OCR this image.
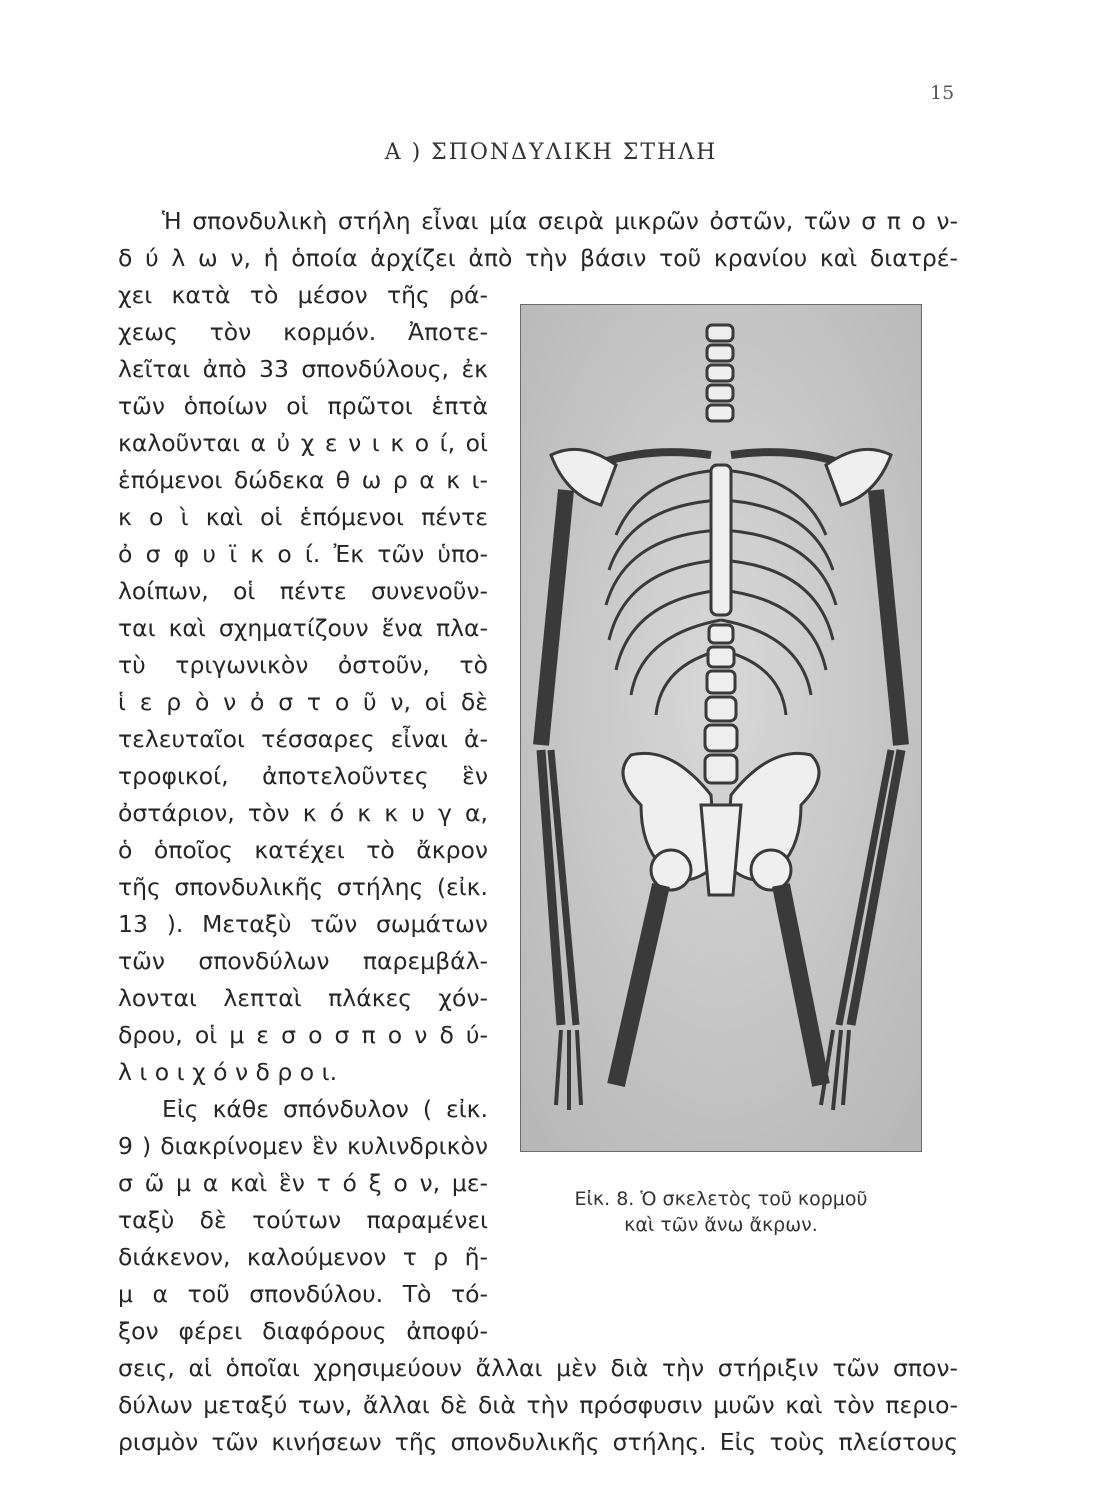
15
Α ) ΣΠΟΝΔΥΛΙΚΗ ΣΤΗΛΗ
Ἡ σπονδυλικὴ στήλη εἶναι μία σειρὰ μικρῶν ὀστῶν, τῶν σ π ο ν-
δ ύ λ ω ν, ἡ ὁποία ἀρχίζει ἀπὸ τὴν βάσιν τοῦ κρανίου καὶ διατρέ-
χει κατὰ τὸ μέσον τῆς ρά-
χεως τὸν κορμόν. Ἀποτε-
λεῖται ἀπὸ 33 σπονδύλους, ἐκ
τῶν ὁποίων οἱ πρῶτοι ἑπτὰ
καλοῦνται α ὐ χ ε ν ι κ ο ί, οἱ
ἑπόμενοι δώδεκα θ ω ρ α κ ι-
κ ο ὶ καὶ οἱ ἑπόμενοι πέντε
ὀ σ φ υ ϊ κ ο ί. Ἐκ τῶν ὑπο-
λοίπων, οἱ πέντε συνενοῦν-
ται καὶ σχηματίζουν ἕνα πλα-
τὺ τριγωνικὸν ὀστοῦν, τὸ
ἱ ε ρ ὸ ν ὀ σ τ ο ῦ ν, οἱ δὲ
τελευταῖοι τέσσαρες εἶναι ἀ-
τροφικοί, ἀποτελοῦντες ἓν
ὀστάριον, τὸν κ ό κ κ υ γ α,
ὁ ὁποῖος κατέχει τὸ ἄκρον
τῆς σπονδυλικῆς στήλης (εἰκ.
13 ). Μεταξὺ τῶν σωμάτων
τῶν σπονδύλων παρεμβάλ-
λονται λεπταὶ πλάκες χόν-
δρου, οἱ μ ε σ ο σ π ο ν δ ύ-
λ ι ο ι χ ό ν δ ρ ο ι.
Εἰς κάθε σπόνδυλον ( εἰκ.
9 ) διακρίνομεν ἓν κυλινδρικὸν
σ ῶ μ α καὶ ἓν τ ό ξ ο ν, με-
ταξὺ δὲ τούτων παραμένει
διάκενον, καλούμενον τ ρ ῆ-
μ α τοῦ σπονδύλου. Τὸ τό-
ξον φέρει διαφόρους ἀποφύ-
σεις, αἱ ὁποῖαι χρησιμεύουν ἄλλαι μὲν διὰ τὴν στήριξιν τῶν σπον-
δύλων μεταξύ των, ἄλλαι δὲ διὰ τὴν πρόσφυσιν μυῶν καὶ τὸν περιο-
ρισμὸν τῶν κινήσεων τῆς σπονδυλικῆς στήλης. Εἰς τοὺς πλείστους
Εἰκ. 8. Ὁ σκελετὸς τοῦ κορμοῦ
καὶ τῶν ἄνω ἄκρων.
